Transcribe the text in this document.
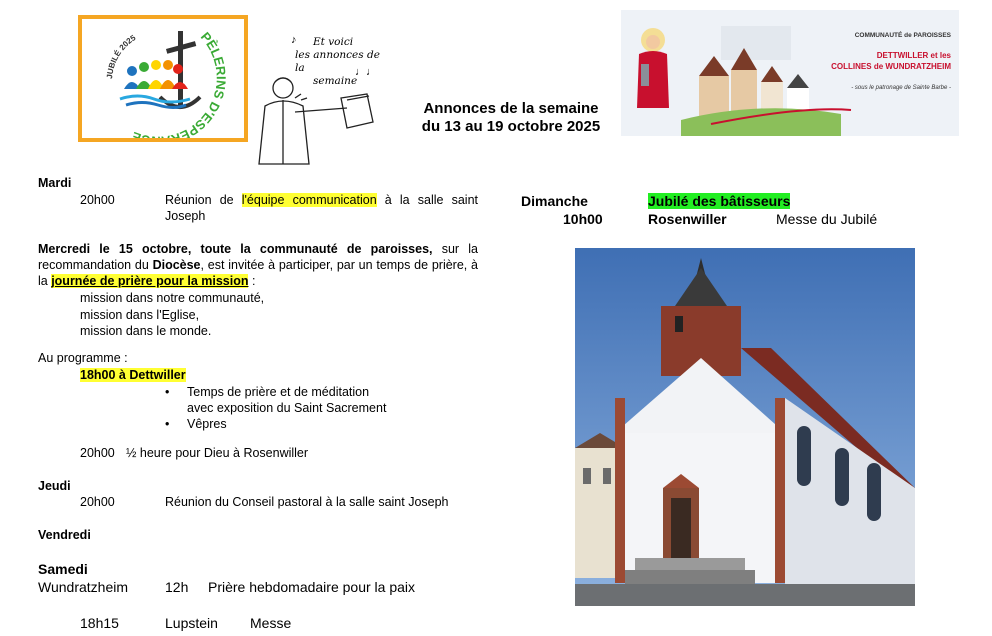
JUBILÉ 2025	PÈLERINS D'ESPÉ E
Et voici
les annonces de la
semaine
♪
♩♩
COMMUNAUTÉ de PAROISSES
DETTWILLER et les
COLLINES de WUNDRATZHEIM
- sous le patronage de Sainte Barbe -
Annonces de la semaine
du 13 au 19 octobre 2025
Mardi
20h00	Réunion de l'équipe communication à la salle saint Joseph
Mercredi le 15 octobre, toute la communauté de paroisses, sur la recommandation du Diocèse, est invitée à participer, par un temps de prière, à la journée de prière pour la mission :
mission dans notre communauté,
mission dans l'Eglise,
mission dans le monde.
Au programme :
18h00 à Dettwiller
• Temps de prière et de méditation
avec exposition du Saint Sacrement
• Vêpres
20h00 ½ heure pour Dieu à Rosenwiller
Jeudi
20h00	Réunion du Conseil pastoral à la salle saint Joseph
Vendredi
Samedi
Wundratzheim	12h Prière hebdomadaire pour la paix
18h15	Lupstein Messe
Dimanche	Jubilé des bâtisseurs
10h00	Rosenwiller	Messe du Jubilé
